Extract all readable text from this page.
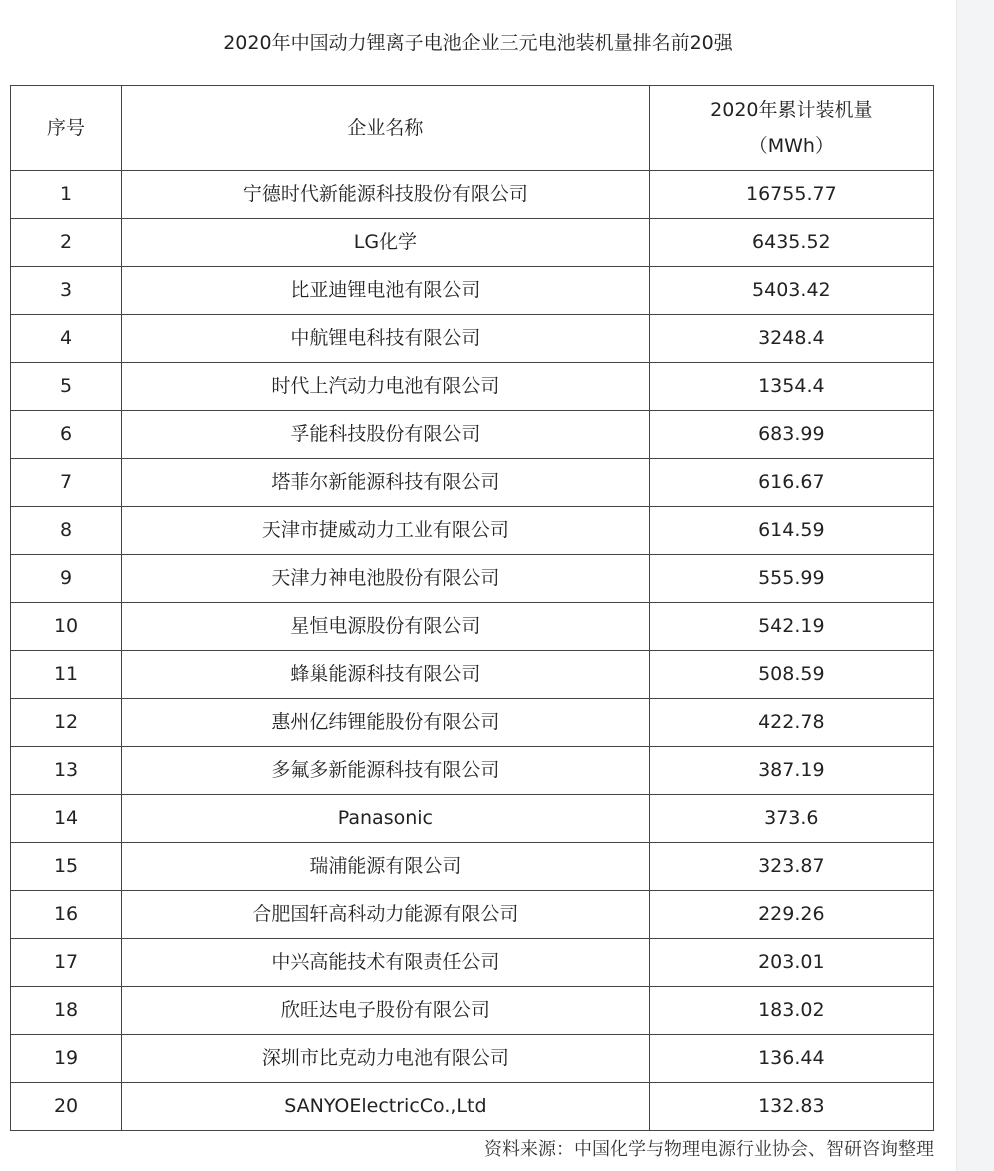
2020年中国动力锂离子电池企业三元电池装机量排名前20强
序号	企业名称	2020年累计装机量
（MWh）

1	宁德时代新能源科技股份有限公司	16755.77
2	LG化学	6435.52
3	比亚迪锂电池有限公司	5403.42
4	中航锂电科技有限公司	3248.4
5	时代上汽动力电池有限公司	1354.4
6	孚能科技股份有限公司	683.99
7	塔菲尔新能源科技有限公司	616.67
8	天津市捷威动力工业有限公司	614.59
9	天津力神电池股份有限公司	555.99
10	星恒电源股份有限公司	542.19
11	蜂巢能源科技有限公司	508.59
12	惠州亿纬锂能股份有限公司	422.78
13	多氟多新能源科技有限公司	387.19
14	Panasonic	373.6
15	瑞浦能源有限公司	323.87
16	合肥国轩高科动力能源有限公司	229.26
17	中兴高能技术有限责任公司	203.01
18	欣旺达电子股份有限公司	183.02
19	深圳市比克动力电池有限公司	136.44
20	SANYOElectricCo.,Ltd	132.83
资料来源：中国化学与物理电源行业协会、智研咨询整理
